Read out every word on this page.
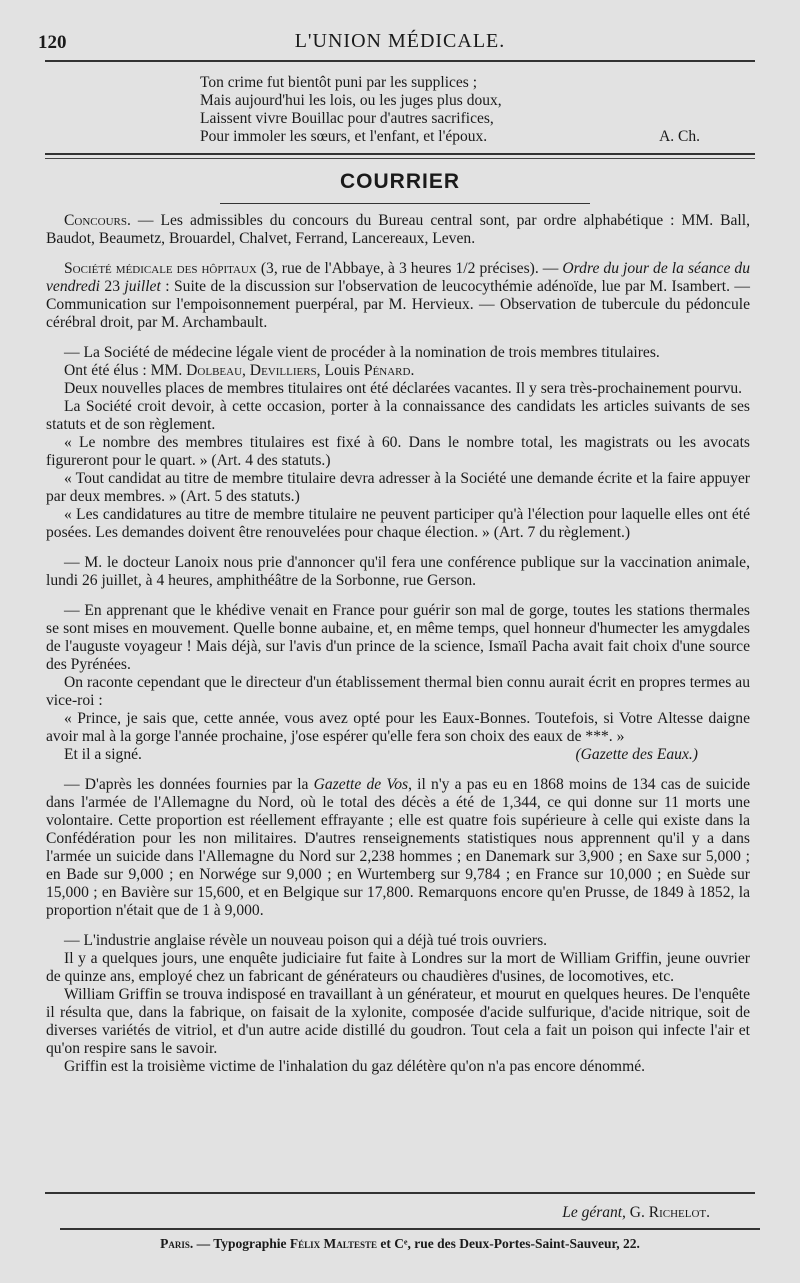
120	L'UNION MÉDICALE.
Ton crime fut bientôt puni par les supplices ;
Mais aujourd'hui les lois, ou les juges plus doux,
Laissent vivre Bouillac pour d'autres sacrifices,
Pour immoler les sœurs, et l'enfant, et l'époux.	A. Ch.
COURRIER

Concours. — Les admissibles du concours du Bureau central sont, par ordre alphabétique : MM. Ball, Baudot, Beaumetz, Brouardel, Chalvet, Ferrand, Lancereaux, Leven.

Société médicale des hôpitaux (3, rue de l'Abbaye, à 3 heures 1/2 précises). — Ordre du jour de la séance du vendredi 23 juillet : Suite de la discussion sur l'observation de leucocythémie adénoïde, lue par M. Isambert. — Communication sur l'empoisonnement puerpéral, par M. Hervieux. — Observation de tubercule du pédoncule cérébral droit, par M. Archambault.

— La Société de médecine légale vient de procéder à la nomination de trois membres titulaires.

Ont été élus : MM. Dolbeau, Devilliers, Louis Pénard.

Deux nouvelles places de membres titulaires ont été déclarées vacantes. Il y sera très-prochainement pourvu.

La Société croit devoir, à cette occasion, porter à la connaissance des candidats les articles suivants de ses statuts et de son règlement.

« Le nombre des membres titulaires est fixé à 60. Dans le nombre total, les magistrats ou les avocats figureront pour le quart. » (Art. 4 des statuts.)

« Tout candidat au titre de membre titulaire devra adresser à la Société une demande écrite et la faire appuyer par deux membres. » (Art. 5 des statuts.)

« Les candidatures au titre de membre titulaire ne peuvent participer qu'à l'élection pour laquelle elles ont été posées. Les demandes doivent être renouvelées pour chaque élection. » (Art. 7 du règlement.)

— M. le docteur Lanoix nous prie d'annoncer qu'il fera une conférence publique sur la vaccination animale, lundi 26 juillet, à 4 heures, amphithéâtre de la Sorbonne, rue Gerson.

— En apprenant que le khédive venait en France pour guérir son mal de gorge, toutes les stations thermales se sont mises en mouvement. Quelle bonne aubaine, et, en même temps, quel honneur d'humecter les amygdales de l'auguste voyageur ! Mais déjà, sur l'avis d'un prince de la science, Ismaïl Pacha avait fait choix d'une source des Pyrénées.

On raconte cependant que le directeur d'un établissement thermal bien connu aurait écrit en propres termes au vice-roi :

« Prince, je sais que, cette année, vous avez opté pour les Eaux-Bonnes. Toutefois, si Votre Altesse daigne avoir mal à la gorge l'année prochaine, j'ose espérer qu'elle fera son choix des eaux de ***. »

Et il a signé.	(Gazette des Eaux.)

— D'après les données fournies par la Gazette de Vos, il n'y a pas eu en 1868 moins de 134 cas de suicide dans l'armée de l'Allemagne du Nord, où le total des décès a été de 1,344, ce qui donne sur 11 morts une volontaire. Cette proportion est réellement effrayante ; elle est quatre fois supérieure à celle qui existe dans la Confédération pour les non militaires. D'autres renseignements statistiques nous apprennent qu'il y a dans l'armée un suicide dans l'Allemagne du Nord sur 2,238 hommes ; en Danemark sur 3,900 ; en Saxe sur 5,000 ; en Bade sur 9,000 ; en Norwége sur 9,000 ; en Wurtemberg sur 9,784 ; en France sur 10,000 ; en Suède sur 15,000 ; en Bavière sur 15,600, et en Belgique sur 17,800. Remarquons encore qu'en Prusse, de 1849 à 1852, la proportion n'était que de 1 à 9,000.

— L'industrie anglaise révèle un nouveau poison qui a déjà tué trois ouvriers.

Il y a quelques jours, une enquête judiciaire fut faite à Londres sur la mort de William Griffin, jeune ouvrier de quinze ans, employé chez un fabricant de générateurs ou chaudières d'usines, de locomotives, etc.

William Griffin se trouva indisposé en travaillant à un générateur, et mourut en quelques heures. De l'enquête il résulta que, dans la fabrique, on faisait de la xylonite, composée d'acide sulfurique, d'acide nitrique, soit de diverses variétés de vitriol, et d'un autre acide distillé du goudron. Tout cela a fait un poison qui infecte l'air et qu'on respire sans le savoir.

Griffin est la troisième victime de l'inhalation du gaz délétère qu'on n'a pas encore dénommé.

Le gérant, G. Richelot.
Paris. — Typographie Félix Malteste et Cᵉ, rue des Deux-Portes-Saint-Sauveur, 22.
